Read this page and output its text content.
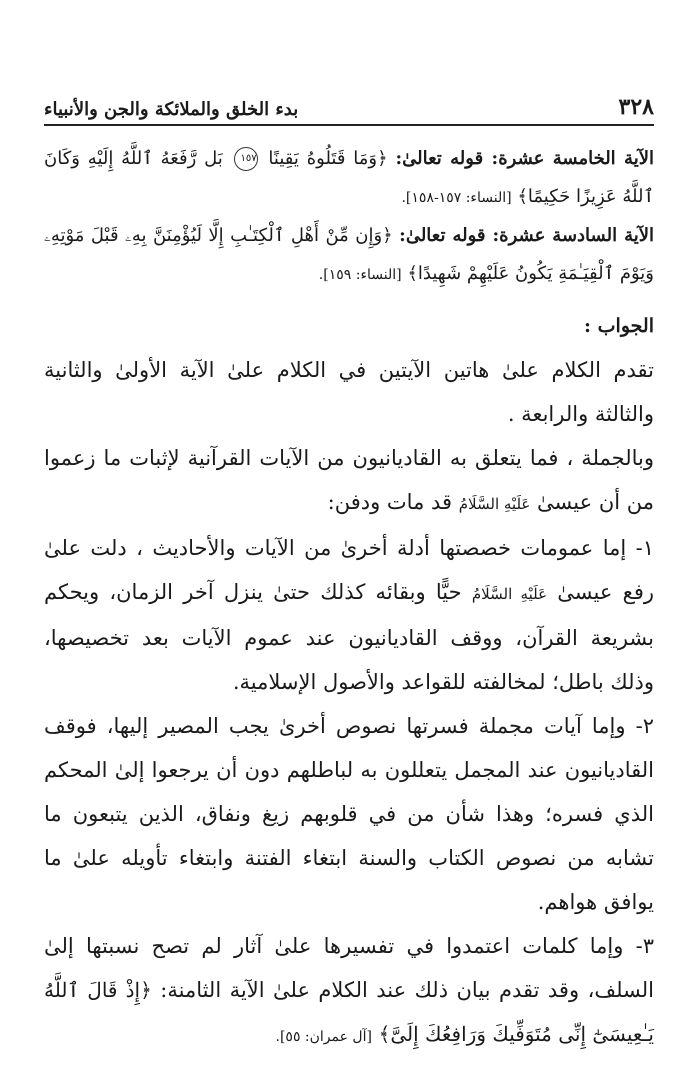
٣٢٨
بدء الخلق والملائكة والجن والأنبياء

الآية الخامسة عشرة: قوله تعالىٰ: ﴿وَمَا قَتَلُوهُ يَقِينًا ١٥٧ بَل رَّفَعَهُ ٱللَّهُ إِلَيْهِ وَكَانَ ٱللَّهُ عَزِيزًا حَكِيمًا﴾ [النساء: ١٥٧-١٥٨].

الآية السادسة عشرة: قوله تعالىٰ: ﴿وَإِن مِّنْ أَهْلِ ٱلْكِتَـٰبِ إِلَّا لَيُؤْمِنَنَّ بِهِۦ قَبْلَ مَوْتِهِۦ وَيَوْمَ ٱلْقِيَـٰمَةِ يَكُونُ عَلَيْهِمْ شَهِيدًا﴾ [النساء: ١٥٩].

الجواب :

تقدم الكلام علىٰ هاتين الآيتين في الكلام علىٰ الآية الأولىٰ والثانية والثالثة والرابعة .

وبالجملة ، فما يتعلق به القاديانيون من الآيات القرآنية لإثبات ما زعموا من أن عيسىٰ عَلَيْهِ السَّلَامُ قد مات ودفن:

١- إما عمومات خصصتها أدلة أخرىٰ من الآيات والأحاديث ، دلت علىٰ رفع عيسىٰ عَلَيْهِ السَّلَامُ حيًّا وبقائه كذلك حتىٰ ينزل آخر الزمان، ويحكم بشريعة القرآن، ووقف القاديانيون عند عموم الآيات بعد تخصيصها، وذلك باطل؛ لمخالفته للقواعد والأصول الإسلامية.

٢- وإما آيات مجملة فسرتها نصوص أخرىٰ يجب المصير إليها، فوقف القاديانيون عند المجمل يتعللون به لباطلهم دون أن يرجعوا إلىٰ المحكم الذي فسره؛ وهذا شأن من في قلوبهم زيغ ونفاق، الذين يتبعون ما تشابه من نصوص الكتاب والسنة ابتغاء الفتنة وابتغاء تأويله علىٰ ما يوافق هواهم.

٣- وإما كلمات اعتمدوا في تفسيرها علىٰ آثار لم تصح نسبتها إلىٰ السلف، وقد تقدم بيان ذلك عند الكلام علىٰ الآية الثامنة: ﴿إِذْ قَالَ ٱللَّهُ يَـٰعِيسَىٰٓ إِنِّى مُتَوَفِّيكَ وَرَافِعُكَ إِلَىَّ﴾ [آل عمران: ٥٥].
